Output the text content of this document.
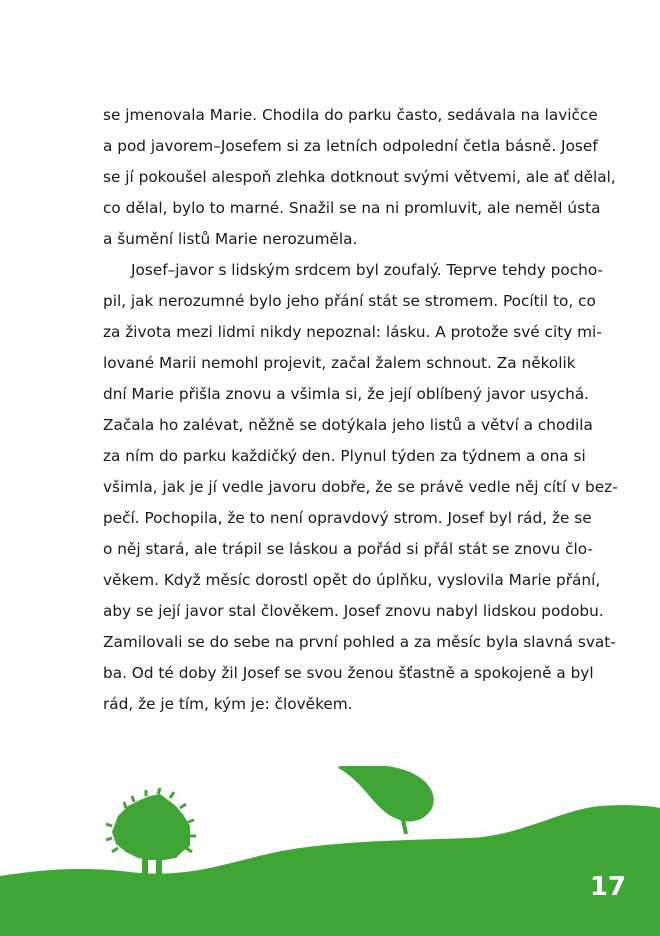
se jmenovala Marie. Chodila do parku často, sedávala na lavičce
a pod javorem–Josefem si za letních odpolední četla básně. Josef
se jí pokoušel alespoň zlehka dotknout svými větvemi, ale ať dělal,
co dělal, bylo to marné. Snažil se na ni promluvit, ale neměl ústa
a šumění listů Marie nerozuměla.

Josef–javor s lidským srdcem byl zoufalý. Teprve tehdy pocho-
pil, jak nerozumné bylo jeho přání stát se stromem. Pocítil to, co
za života mezi lidmi nikdy nepoznal: lásku. A protože své city mi-
lované Marii nemohl projevit, začal žalem schnout. Za několik
dní Marie přišla znovu a všimla si, že její oblíbený javor usychá.
Začala ho zalévat, něžně se dotýkala jeho listů a větví a chodila
za ním do parku každičký den. Plynul týden za týdnem a ona si
všimla, jak je jí vedle javoru dobře, že se právě vedle něj cítí v bez-
pečí. Pochopila, že to není opravdový strom. Josef byl rád, že se
o něj stará, ale trápil se láskou a pořád si přál stát se znovu člo-
věkem. Když měsíc dorostl opět do úplňku, vyslovila Marie přání,
aby se její javor stal člověkem. Josef znovu nabyl lidskou podobu.
Zamilovali se do sebe na první pohled a za měsíc byla slavná svat-
ba. Od té doby žil Josef se svou ženou šťastně a spokojeně a byl
rád, že je tím, kým je: člověkem.

17
